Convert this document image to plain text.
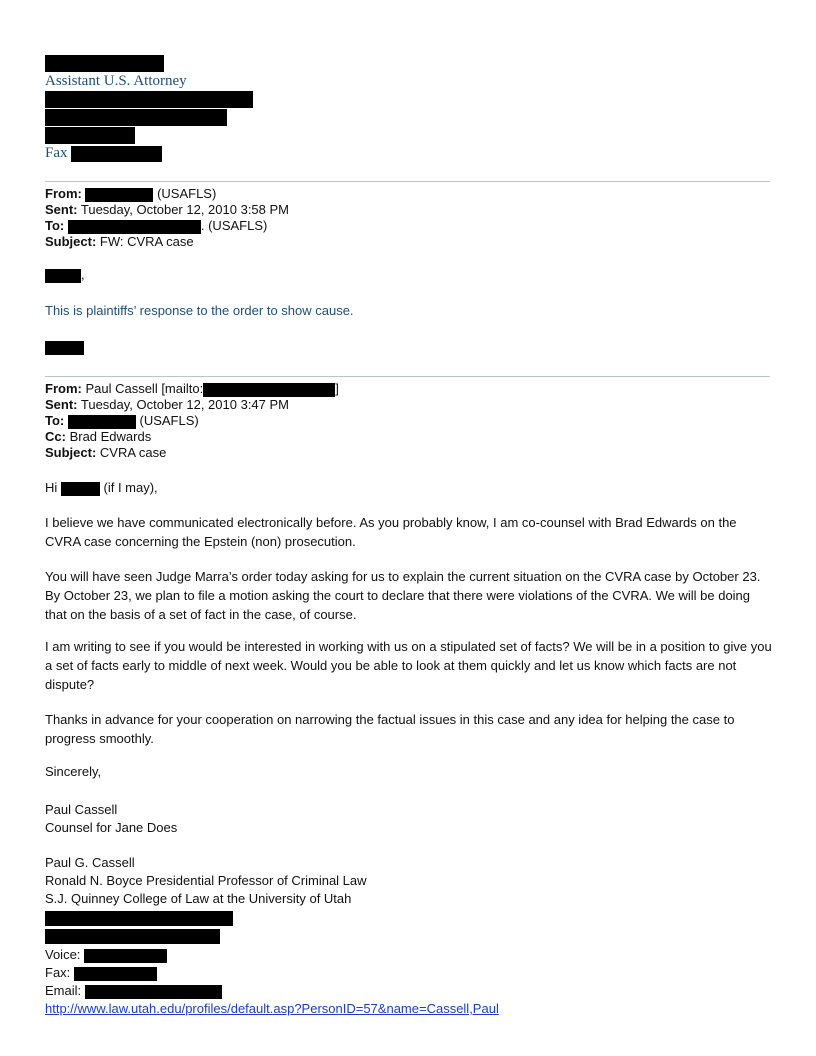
Assistant U.S. Attorney
Fax
From:	(USAFLS)
Sent: Tuesday, October 12, 2010 3:58 PM
To:	. (USAFLS)
Subject: FW: CVRA case
,
This is plaintiffs’ response to the order to show cause.
From: Paul Cassell [mailto:	]
Sent: Tuesday, October 12, 2010 3:47 PM
To:	(USAFLS)
Cc: Brad Edwards
Subject: CVRA case
Hi	(if I may),
I believe we have communicated electronically before. As you probably know, I am co-counsel with Brad Edwards on the CVRA case concerning the Epstein (non) prosecution.
You will have seen Judge Marra’s order today asking for us to explain the current situation on the CVRA case by October 23. By October 23, we plan to file a motion asking the court to declare that there were violations of the CVRA. We will be doing that on the basis of a set of fact in the case, of course.
I am writing to see if you would be interested in working with us on a stipulated set of facts? We will be in a position to give you a set of facts early to middle of next week. Would you be able to look at them quickly and let us know which facts are not dispute?
Thanks in advance for your cooperation on narrowing the factual issues in this case and any idea for helping the case to progress smoothly.
Sincerely,
Paul Cassell
Counsel for Jane Does
Paul G. Cassell
Ronald N. Boyce Presidential Professor of Criminal Law
S.J. Quinney College of Law at the University of Utah
Voice:
Fax:
Email:
http://www.law.utah.edu/profiles/default.asp?PersonID=57&name=Cassell,Paul
